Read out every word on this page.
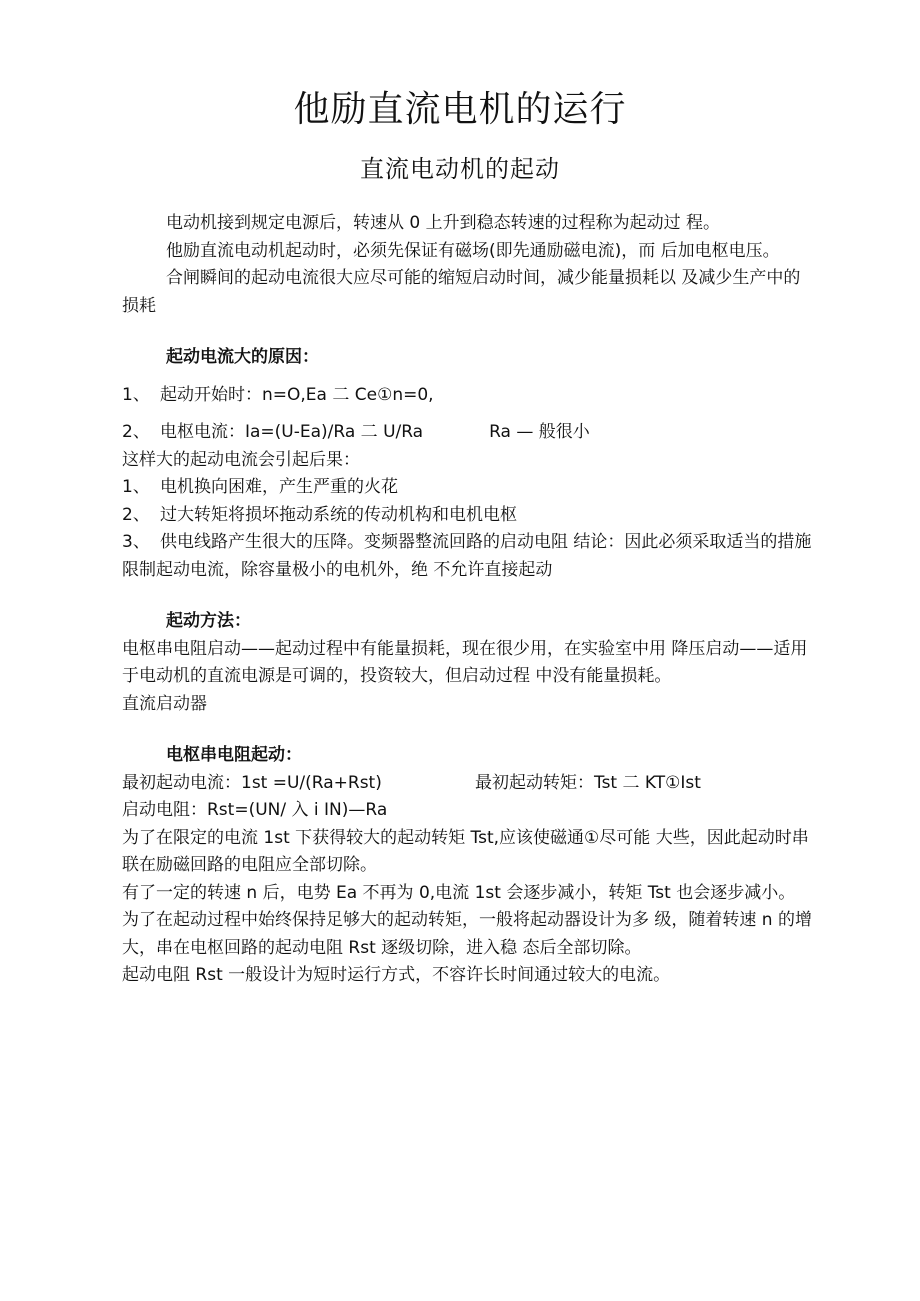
他励直流电机的运行
直流电动机的起动

电动机接到规定电源后，转速从 0 上升到稳态转速的过程称为起动过 程。

他励直流电动机起动时，必须先保证有磁场(即先通励磁电流)，而 后加电枢电压。

合闸瞬间的起动电流很大应尽可能的缩短启动时间，减少能量损耗以 及减少生产中的损耗

起动电流大的原因：

1、 起动开始时：n=O,Ea 二 Ce①n=0,
2、 电枢电流：Ia=(U-Ea)/Ra 二 U/Ra	Ra — 般很小

这样大的起动电流会引起后果：

1、 电机换向困难，产生严重的火花
2、 过大转矩将损坏拖动系统的传动机构和电机电枢

3、 供电线路产生很大的压降。变频器整流回路的启动电阻 结论：因此必须采取适当的措施限制起动电流，除容量极小的电机外，绝 不允许直接起动

起动方法：

电枢串电阻启动——起动过程中有能量损耗，现在很少用，在实验室中用 降压启动——适用于电动机的直流电源是可调的，投资较大，但启动过程 中没有能量损耗。

直流启动器

电枢串电阻起动：

最初起动电流：1st =U/(Ra+Rst)	最初起动转矩：Tst 二 KT①Ist

启动电阻：Rst=(UN/ 入 i IN)—Ra

为了在限定的电流 1st 下获得较大的起动转矩 Tst,应该使磁通①尽可能 大些，因此起动时串联在励磁回路的电阻应全部切除。

有了一定的转速 n 后，电势 Ea 不再为 0,电流 1st 会逐步减小，转矩 Tst 也会逐步减小。

为了在起动过程中始终保持足够大的起动转矩，一般将起动器设计为多 级，随着转速 n 的增大，串在电枢回路的起动电阻 Rst 逐级切除，进入稳 态后全部切除。

起动电阻 Rst 一般设计为短时运行方式，不容许长时间通过较大的电流。
